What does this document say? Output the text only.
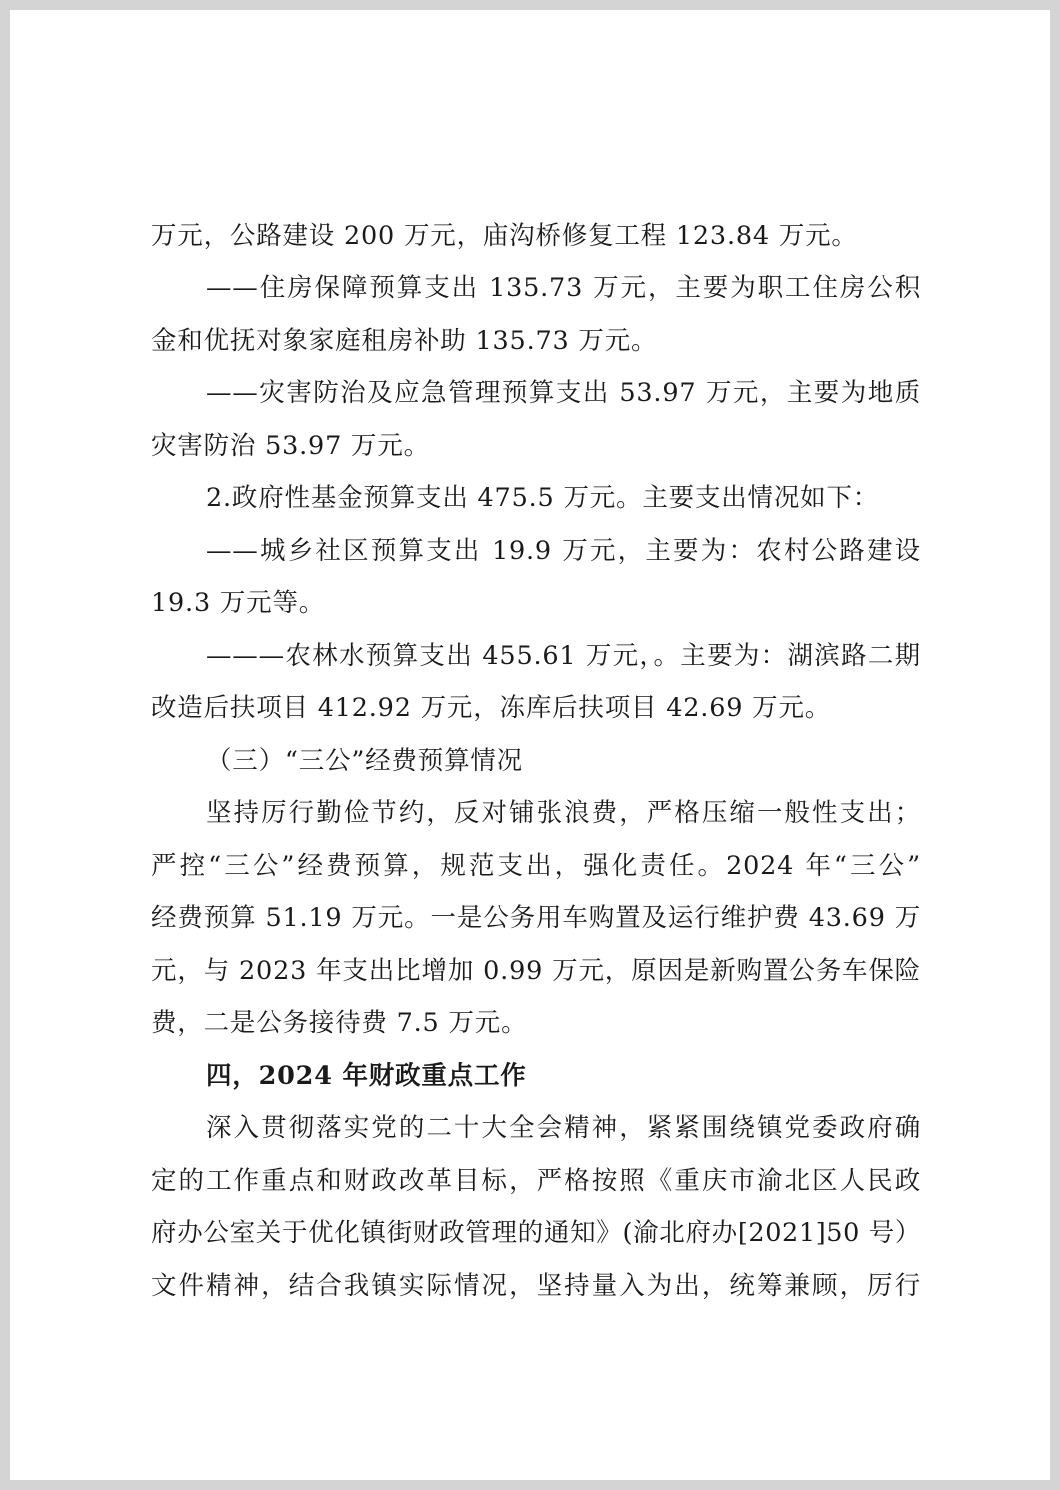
万元，公路建设 200 万元，庙沟桥修复工程 123.84 万元。
——住房保障预算支出 135.73 万元，主要为职工住房公积
金和优抚对象家庭租房补助 135.73 万元。
——灾害防治及应急管理预算支出 53.97 万元，主要为地质
灾害防治 53.97 万元。
2.政府性基金预算支出 475.5 万元。主要支出情况如下：
——城乡社区预算支出 19.9 万元，主要为：农村公路建设
19.3 万元等。
———农林水预算支出 455.61 万元，。主要为：湖滨路二期
改造后扶项目 412.92 万元，冻库后扶项目 42.69 万元。
（三）“三公”经费预算情况
坚持厉行勤俭节约，反对铺张浪费，严格压缩一般性支出；
严控“三公”经费预算，规范支出，强化责任。2024 年“三公”
经费预算 51.19 万元。一是公务用车购置及运行维护费 43.69 万
元，与 2023 年支出比增加 0.99 万元，原因是新购置公务车保险
费，二是公务接待费 7.5 万元。
四，2024 年财政重点工作
深入贯彻落实党的二十大全会精神，紧紧围绕镇党委政府确
定的工作重点和财政改革目标，严格按照《重庆市渝北区人民政
府办公室关于优化镇街财政管理的通知》(渝北府办[2021]50 号）
文件精神，结合我镇实际情况，坚持量入为出，统筹兼顾，厉行
